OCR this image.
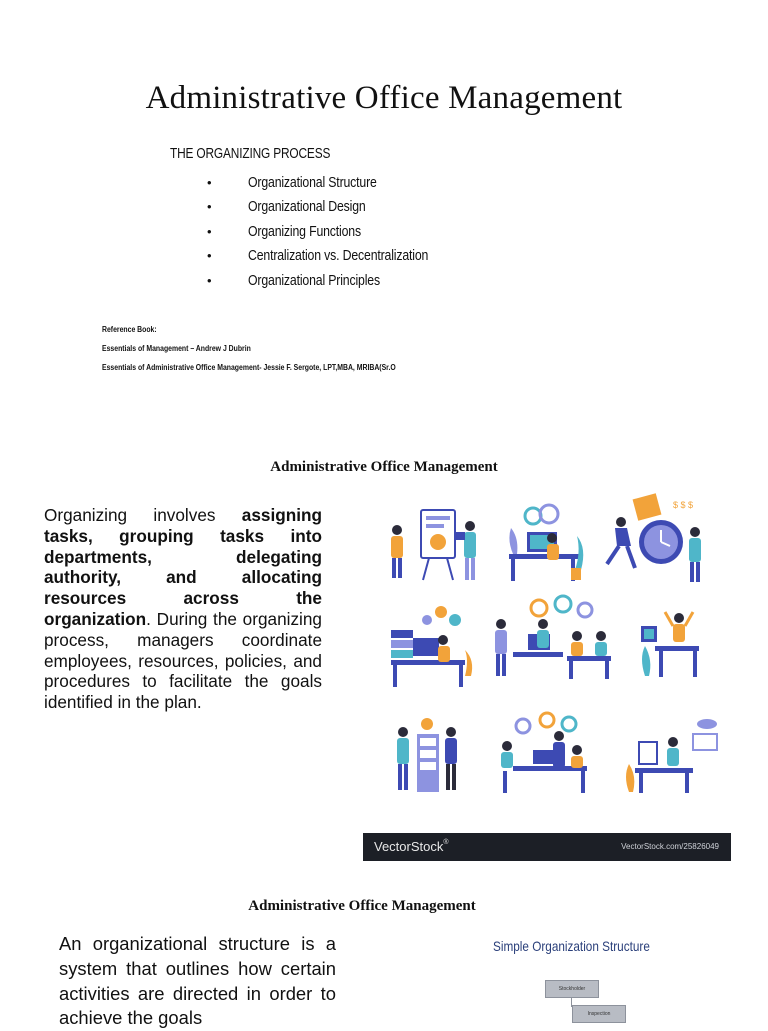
Administrative Office Management
THE ORGANIZING PROCESS
•	Organizational Structure
•	Organizational Design
•	Organizing Functions
•	Centralization vs. Decentralization
•	Organizational Principles
Reference Book:
Essentials of Management – Andrew J Dubrin
Essentials of Administrative Office Management- Jessie F. Sergote, LPT,MBA, MRIBA(Sr.O
Administrative Office Management
Organizing involves assigning tasks, grouping tasks into departments, delegating authority, and allocating resources across the organization. During the organizing process, managers coordinate employees, resources, policies, and procedures to facilitate the goals identified in the plan.
$ $ $
VectorStock®	VectorStock.com/25826049
Administrative Office Management
An organizational structure is a system that outlines how certain activities are directed in order to achieve the goals
Simple Organization Structure
Stockholder
Inspection
